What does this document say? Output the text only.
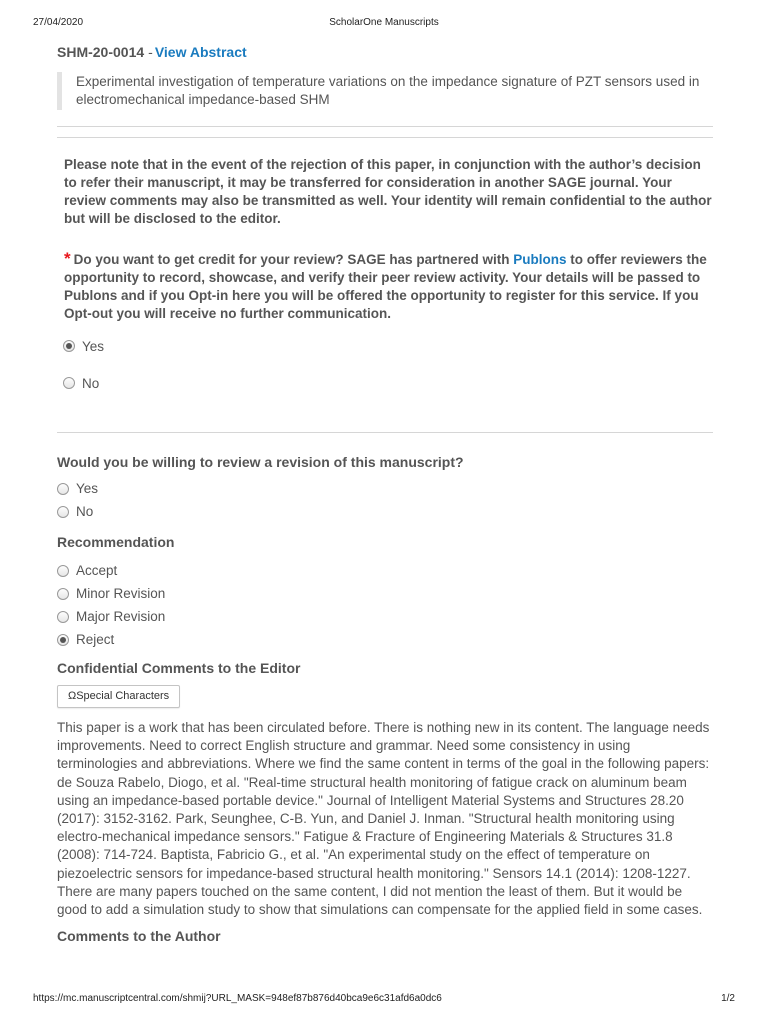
27/04/2020	ScholarOne Manuscripts
SHM-20-0014 - View Abstract
Experimental investigation of temperature variations on the impedance signature of PZT sensors used in electromechanical impedance-based SHM
Please note that in the event of the rejection of this paper, in conjunction with the author’s decision to refer their manuscript, it may be transferred for consideration in another SAGE journal. Your review comments may also be transmitted as well. Your identity will remain confidential to the author but will be disclosed to the editor.
* Do you want to get credit for your review? SAGE has partnered with Publons to offer reviewers the opportunity to record, showcase, and verify their peer review activity. Your details will be passed to Publons and if you Opt-in here you will be offered the opportunity to register for this service. If you Opt-out you will receive no further communication.
Yes
No
Would you be willing to review a revision of this manuscript?
Yes
No
Recommendation
Accept
Minor Revision
Major Revision
Reject
Confidential Comments to the Editor
ΩSpecial Characters
This paper is a work that has been circulated before. There is nothing new in its content. The language needs improvements. Need to correct English structure and grammar. Need some consistency in using terminologies and abbreviations. Where we find the same content in terms of the goal in the following papers: de Souza Rabelo, Diogo, et al. "Real-time structural health monitoring of fatigue crack on aluminum beam using an impedance-based portable device." Journal of Intelligent Material Systems and Structures 28.20 (2017): 3152-3162. Park, Seunghee, C-B. Yun, and Daniel J. Inman. "Structural health monitoring using electro-mechanical impedance sensors." Fatigue & Fracture of Engineering Materials & Structures 31.8 (2008): 714-724. Baptista, Fabricio G., et al. "An experimental study on the effect of temperature on piezoelectric sensors for impedance-based structural health monitoring." Sensors 14.1 (2014): 1208-1227. There are many papers touched on the same content, I did not mention the least of them. But it would be good to add a simulation study to show that simulations can compensate for the applied field in some cases.
Comments to the Author
https://mc.manuscriptcentral.com/shmij?URL_MASK=948ef87b876d40bca9e6c31afd6a0dc6	1/2
